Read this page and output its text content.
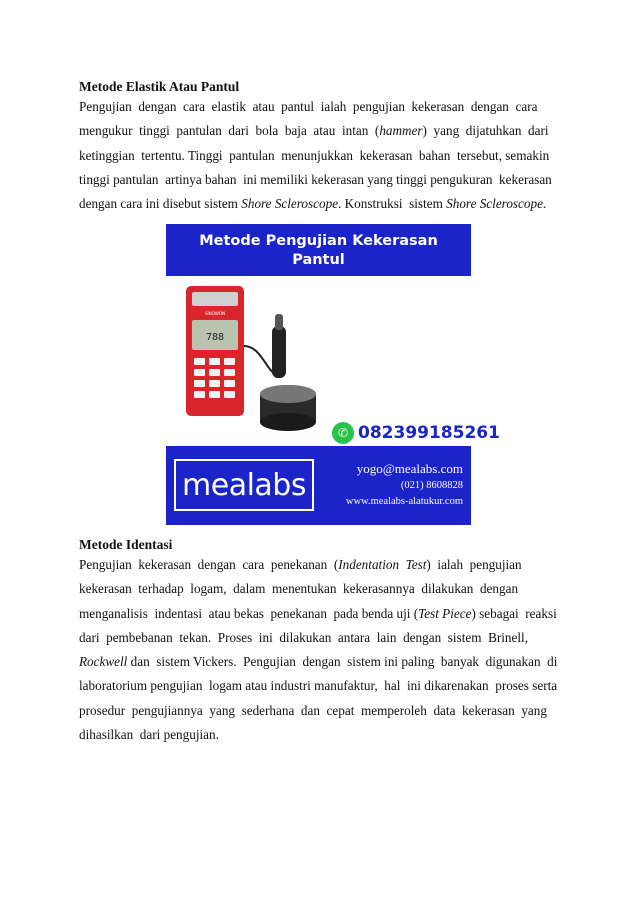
Metode Elastik Atau Pantul

Pengujian  dengan  cara  elastik  atau  pantul  ialah  pengujian  kekerasan  dengan  cara
mengukur  tinggi  pantulan  dari  bola  baja  atau  intan  (hammer)  yang  dijatuhkan  dari
ketinggian  tertentu. Tinggi  pantulan  menunjukkan  kekerasan  bahan  tersebut, semakin
tinggi pantulan  artinya bahan  ini memiliki kekerasan yang tinggi pengukuran  kekerasan
dengan cara ini disebut sistem Shore Scleroscope. Konstruksi  sistem Shore Scleroscope.
Metode Pengujian Kekerasan
Pantul
SINOWON
788
✆ 082399185261
mealabs	yogo@mealabs.com
(021) 8608828
www.mealabs-alatukur.com

Metode Identasi

Pengujian  kekerasan  dengan  cara  penekanan  (Indentation  Test)  ialah  pengujian
kekerasan  terhadap  logam,  dalam  menentukan  kekerasannya  dilakukan  dengan
menganalisis  indentasi  atau bekas  penekanan  pada benda uji (Test Piece) sebagai  reaksi
dari  pembebanan  tekan.  Proses  ini  dilakukan  antara  lain  dengan  sistem  Brinell,
Rockwell dan  sistem Vickers.  Pengujian  dengan  sistem ini paling  banyak  digunakan  di
laboratorium pengujian  logam atau industri manufaktur,  hal  ini dikarenakan  proses serta
prosedur  pengujiannya  yang  sederhana  dan  cepat  memperoleh  data  kekerasan  yang
dihasilkan  dari pengujian.
